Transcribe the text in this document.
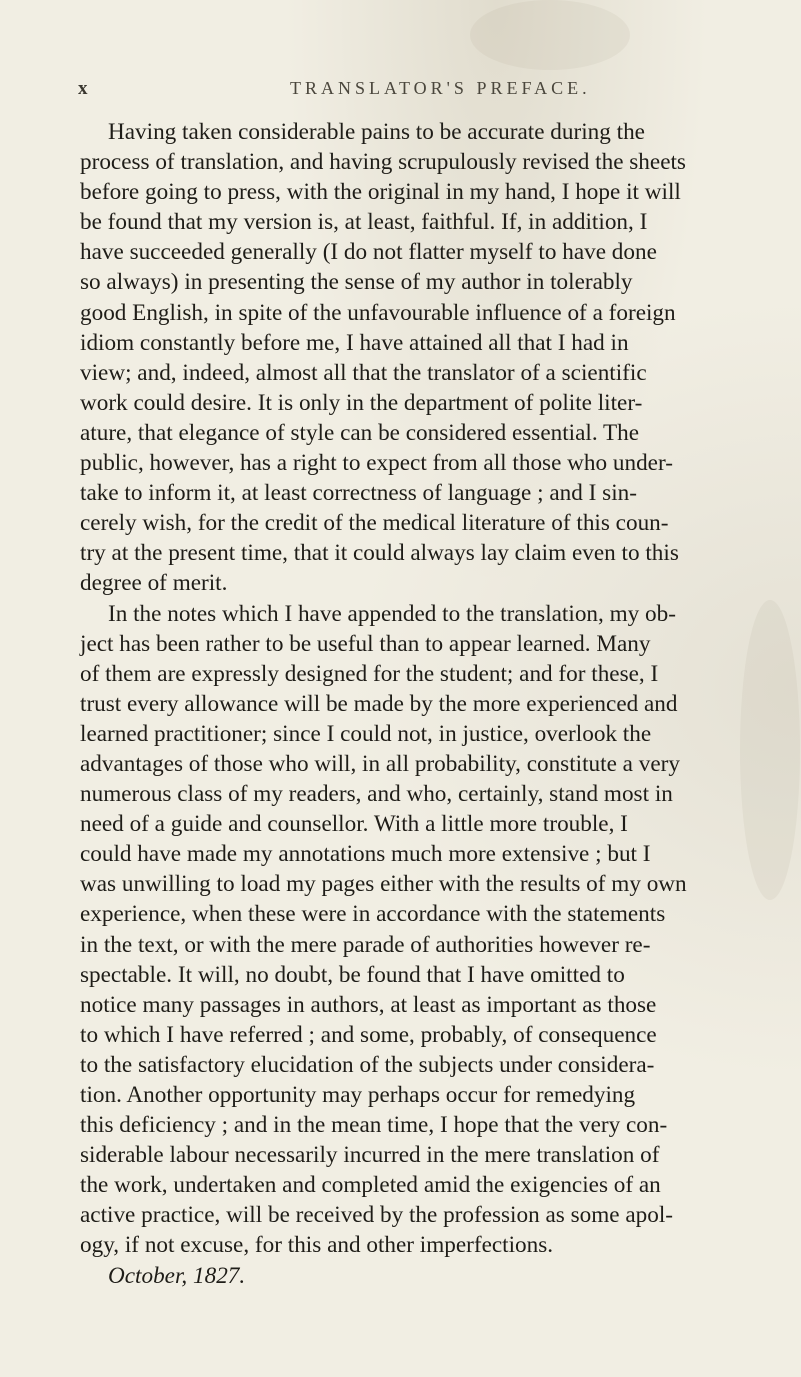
x	TRANSLATOR'S PREFACE.
Having taken considerable pains to be accurate during the
process of translation, and having scrupulously revised the sheets
before going to press, with the original in my hand, I hope it will
be found that my version is, at least, faithful. If, in addition, I
have succeeded generally (I do not flatter myself to have done
so always) in presenting the sense of my author in tolerably
good English, in spite of the unfavourable influence of a foreign
idiom constantly before me, I have attained all that I had in
view; and, indeed, almost all that the translator of a scientific
work could desire. It is only in the department of polite liter-
ature, that elegance of style can be considered essential. The
public, however, has a right to expect from all those who under-
take to inform it, at least correctness of language ; and I sin-
cerely wish, for the credit of the medical literature of this coun-
try at the present time, that it could always lay claim even to this
degree of merit.
In the notes which I have appended to the translation, my ob-
ject has been rather to be useful than to appear learned. Many
of them are expressly designed for the student; and for these, I
trust every allowance will be made by the more experienced and
learned practitioner; since I could not, in justice, overlook the
advantages of those who will, in all probability, constitute a very
numerous class of my readers, and who, certainly, stand most in
need of a guide and counsellor. With a little more trouble, I
could have made my annotations much more extensive ; but I
was unwilling to load my pages either with the results of my own
experience, when these were in accordance with the statements
in the text, or with the mere parade of authorities however re-
spectable. It will, no doubt, be found that I have omitted to
notice many passages in authors, at least as important as those
to which I have referred ; and some, probably, of consequence
to the satisfactory elucidation of the subjects under considera-
tion. Another opportunity may perhaps occur for remedying
this deficiency ; and in the mean time, I hope that the very con-
siderable labour necessarily incurred in the mere translation of
the work, undertaken and completed amid the exigencies of an
active practice, will be received by the profession as some apol-
ogy, if not excuse, for this and other imperfections.
October, 1827.
